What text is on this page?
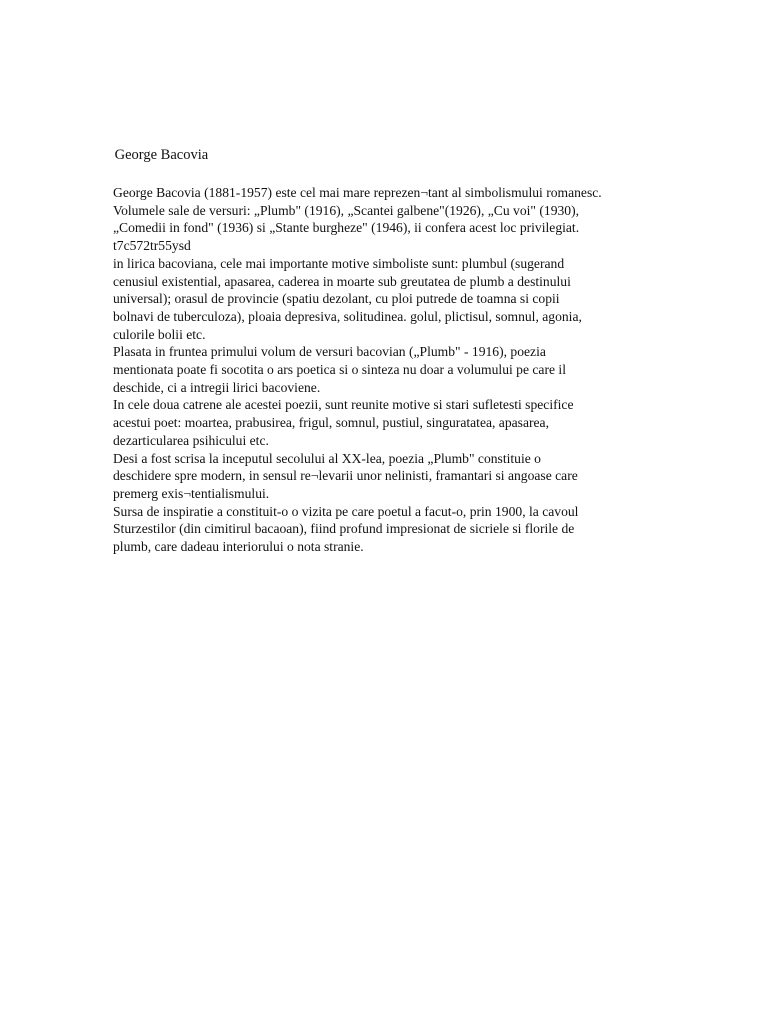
George Bacovia
George Bacovia (1881-1957) este cel mai mare reprezen¬tant al simbolismului romanesc.
Volumele sale de versuri: „Plumb" (1916), „Scantei galbene"(1926), „Cu voi" (1930),
„Comedii in fond" (1936) si „Stante burgheze" (1946), ii confera acest loc privilegiat.
t7c572tr55ysd
in lirica bacoviana, cele mai importante motive simboliste sunt: plumbul (sugerand
cenusiul existential, apasarea, caderea in moarte sub greutatea de plumb a destinului
universal); orasul de provincie (spatiu dezolant, cu ploi putrede de toamna si copii
bolnavi de tuberculoza), ploaia depresiva, solitudinea. golul, plictisul, somnul, agonia,
culorile bolii etc.
Plasata in fruntea primului volum de versuri bacovian („Plumb" - 1916), poezia
mentionata poate fi socotita o ars poetica si o sinteza nu doar a volumului pe care il
deschide, ci a intregii lirici bacoviene.
In cele doua catrene ale acestei poezii, sunt reunite motive si stari sufletesti specifice
acestui poet: moartea, prabusirea, frigul, somnul, pustiul, singuratatea, apasarea,
dezarticularea psihicului etc.
Desi a fost scrisa la inceputul secolului al XX-lea, poezia „Plumb" constituie o
deschidere spre modern, in sensul re¬levarii unor nelinisti, framantari si angoase care
premerg exis¬tentialismului.
Sursa de inspiratie a constituit-o o vizita pe care poetul a facut-o, prin 1900, la cavoul
Sturzestilor (din cimitirul bacaoan), fiind profund impresionat de sicriele si florile de
plumb, care dadeau interiorului o nota stranie.
